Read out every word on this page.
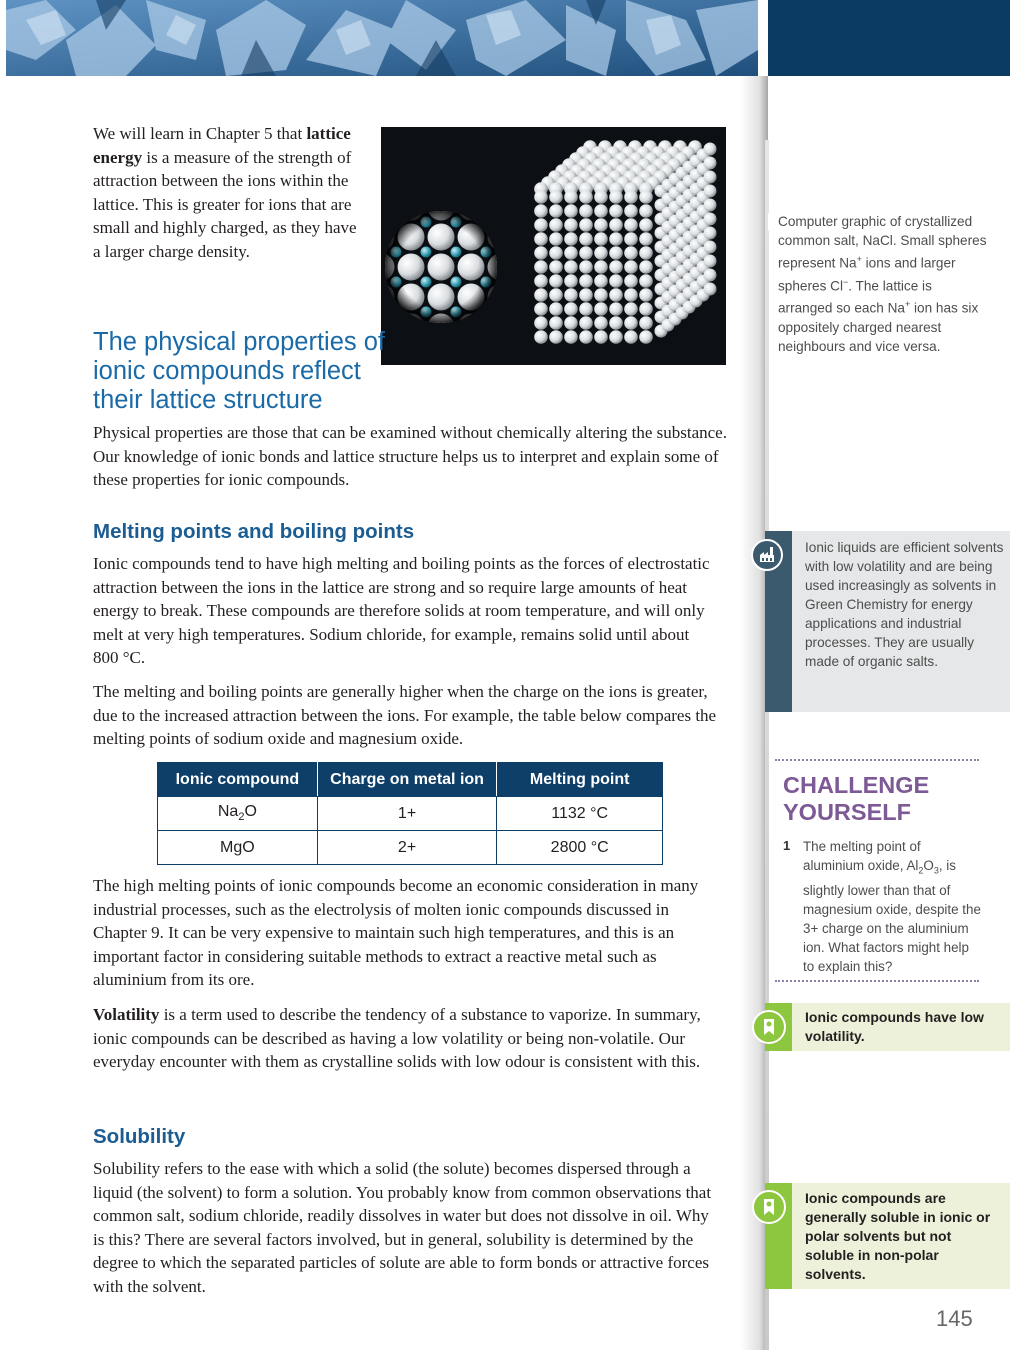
We will learn in Chapter 5 that lattice energy is a measure of the strength of attraction between the ions within the lattice. This is greater for ions that are small and highly charged, as they have a larger charge density.
Computer graphic of crystallized common salt, NaCl. Small spheres represent Na+ ions and larger spheres Cl−. The lattice is arranged so each Na+ ion has six oppositely charged nearest neighbours and vice versa.
The physical properties of ionic compounds reflect their lattice structure
Physical properties are those that can be examined without chemically altering the substance. Our knowledge of ionic bonds and lattice structure helps us to interpret and explain some of these properties for ionic compounds.
Melting points and boiling points
Ionic compounds tend to have high melting and boiling points as the forces of electrostatic attraction between the ions in the lattice are strong and so require large amounts of heat energy to break. These compounds are therefore solids at room temperature, and will only melt at very high temperatures. Sodium chloride, for example, remains solid until about 800 °C.
The melting and boiling points are generally higher when the charge on the ions is greater, due to the increased attraction between the ions. For example, the table below compares the melting points of sodium oxide and magnesium oxide.
Ionic compound	Charge on metal ion	Melting point
$Na_2O$	1+	1132 °C
MgO	2+	2800 °C
The high melting points of ionic compounds become an economic consideration in many industrial processes, such as the electrolysis of molten ionic compounds discussed in Chapter 9. It can be very expensive to maintain such high temperatures, and this is an important factor in considering suitable methods to extract a reactive metal such as aluminium from its ore.
Volatility is a term used to describe the tendency of a substance to vaporize. In summary, ionic compounds can be described as having a low volatility or being non-volatile. Our everyday encounter with them as crystalline solids with low odour is consistent with this.
Solubility
Solubility refers to the ease with which a solid (the solute) becomes dispersed through a liquid (the solvent) to form a solution. You probably know from common observations that common salt, sodium chloride, readily dissolves in water but does not dissolve in oil. Why is this? There are several factors involved, but in general, solubility is determined by the degree to which the separated particles of solute are able to form bonds or attractive forces with the solvent.
Ionic liquids are efficient solvents with low volatility and are being used increasingly as solvents in Green Chemistry for energy applications and industrial processes. They are usually made of organic salts.
CHALLENGE
YOURSELF
1 The melting point of aluminium oxide, $Al_2O_3$, is slightly lower than that of magnesium oxide, despite the 3+ charge on the aluminium ion. What factors might help to explain this?
Ionic compounds have low volatility.
Ionic compounds are generally soluble in ionic or polar solvents but not soluble in non-polar solvents.
145
